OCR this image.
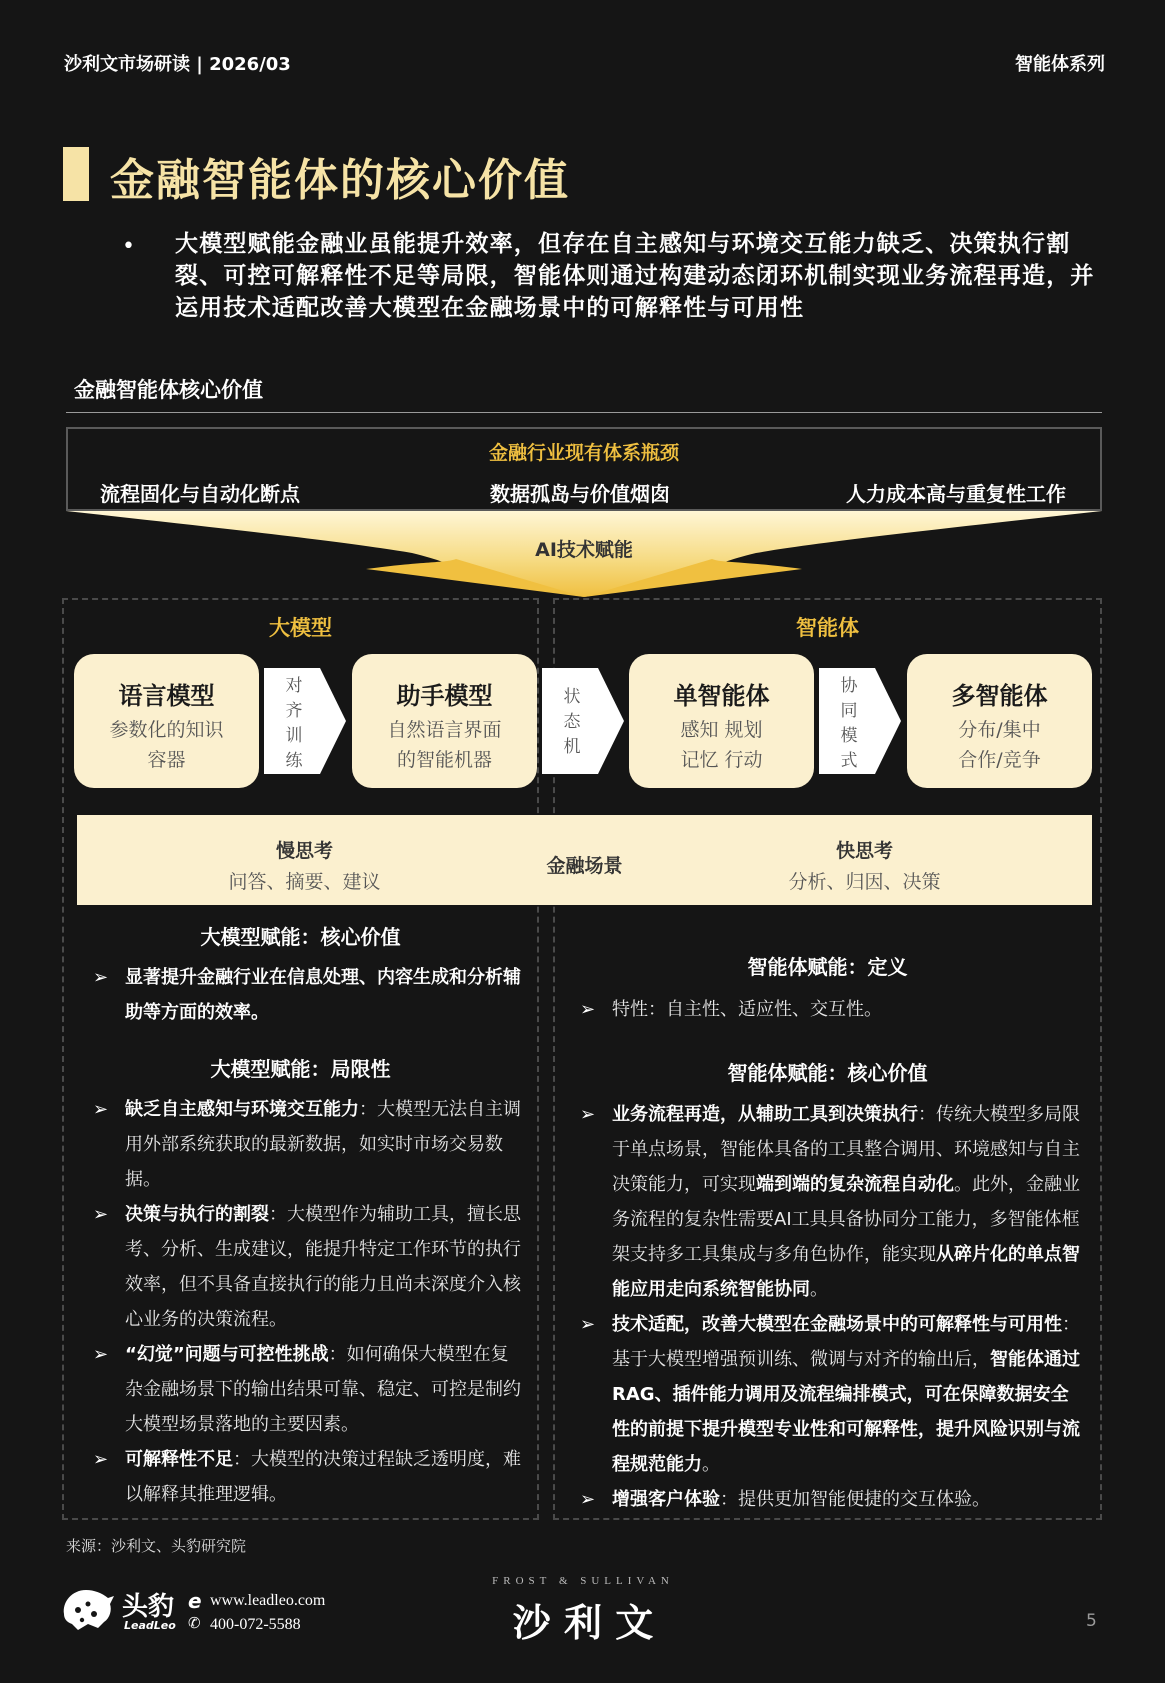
沙利文市场研读 | 2026/03	智能体系列
金融智能体的核心价值
• 大模型赋能金融业虽能提升效率，但存在自主感知与环境交互能力缺乏、决策执行割裂、可控可解释性不足等局限，智能体则通过构建动态闭环机制实现业务流程再造，并运用技术适配改善大模型在金融场景中的可解释性与可用性
金融智能体核心价值
金融行业现有体系瓶颈
流程固化与自动化断点	数据孤岛与价值烟囱	人力成本高与重复性工作
AI技术赋能
大模型	智能体
语言模型
参数化的知识
容器
助手模型
自然语言界面
的智能机器
单智能体
感知 规划
记忆 行动
多智能体
分布/集中
合作/竞争
对
齐
训
练
状
态
机
协
同
模
式
慢思考
问答、摘要、建议
金融场景
快思考
分析、归因、决策
大模型赋能：核心价值
➢ 显著提升金融行业在信息处理、内容生成和分析辅助等方面的效率。
大模型赋能：局限性
➢ 缺乏自主感知与环境交互能力：大模型无法自主调用外部系统获取的最新数据，如实时市场交易数据。
➢ 决策与执行的割裂：大模型作为辅助工具，擅长思考、分析、生成建议，能提升特定工作环节的执行效率，但不具备直接执行的能力且尚未深度介入核心业务的决策流程。
➢ “幻觉”问题与可控性挑战：如何确保大模型在复杂金融场景下的输出结果可靠、稳定、可控是制约大模型场景落地的主要因素。
➢ 可解释性不足：大模型的决策过程缺乏透明度，难以解释其推理逻辑。
智能体赋能：定义
➢ 特性：自主性、适应性、交互性。
智能体赋能：核心价值
➢ 业务流程再造，从辅助工具到决策执行：传统大模型多局限于单点场景，智能体具备的工具整合调用、环境感知与自主决策能力，可实现端到端的复杂流程自动化。此外，金融业务流程的复杂性需要AI工具具备协同分工能力，多智能体框架支持多工具集成与多角色协作，能实现从碎片化的单点智能应用走向系统智能协同。
➢ 技术适配，改善大模型在金融场景中的可解释性与可用性：基于大模型增强预训练、微调与对齐的输出后，智能体通过RAG、插件能力调用及流程编排模式，可在保障数据安全性的前提下提升模型专业性和可解释性，提升风险识别与流程规范能力。
➢ 增强客户体验：提供更加智能便捷的交互体验。
来源：沙利文、头豹研究院
头豹
LeadLeo
e www.leadleo.com
✆ 400-072-5588
FROST & SULLIVAN
沙 利 文	5
